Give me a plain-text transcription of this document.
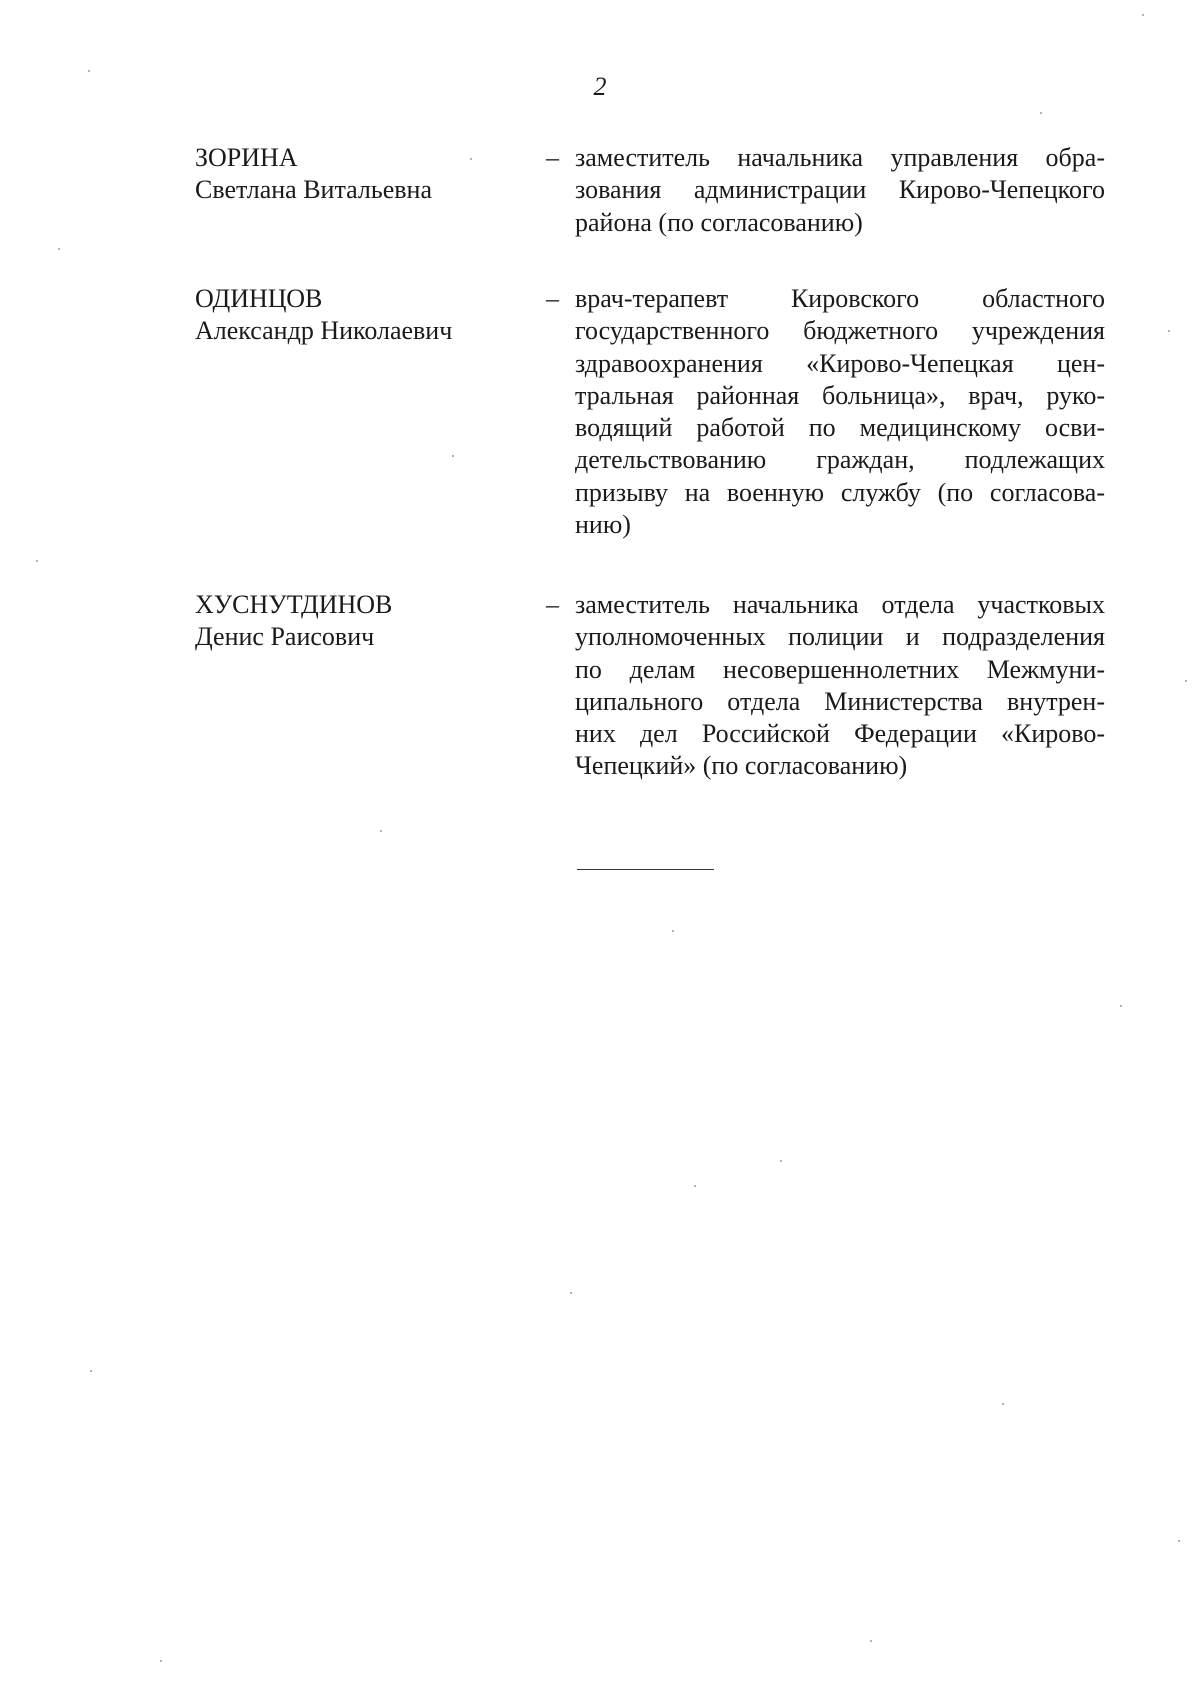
2
ЗОРИНА
Светлана Витальевна
– заместитель начальника управления обра-
зования администрации Кирово-Чепецкого
района (по согласованию)
ОДИНЦОВ
Александр Николаевич
– врач-терапевт Кировского областного
государственного бюджетного учреждения
здравоохранения «Кирово-Чепецкая цен-
тральная районная больница», врач, руко-
водящий работой по медицинскому осви-
детельствованию граждан, подлежащих
призыву на военную службу (по согласова-
нию)
ХУСНУТДИНОВ
Денис Раисович
– заместитель начальника отдела участковых
уполномоченных полиции и подразделения
по делам несовершеннолетних Межмуни-
ципального отдела Министерства внутрен-
них дел Российской Федерации «Кирово-
Чепецкий» (по согласованию)
